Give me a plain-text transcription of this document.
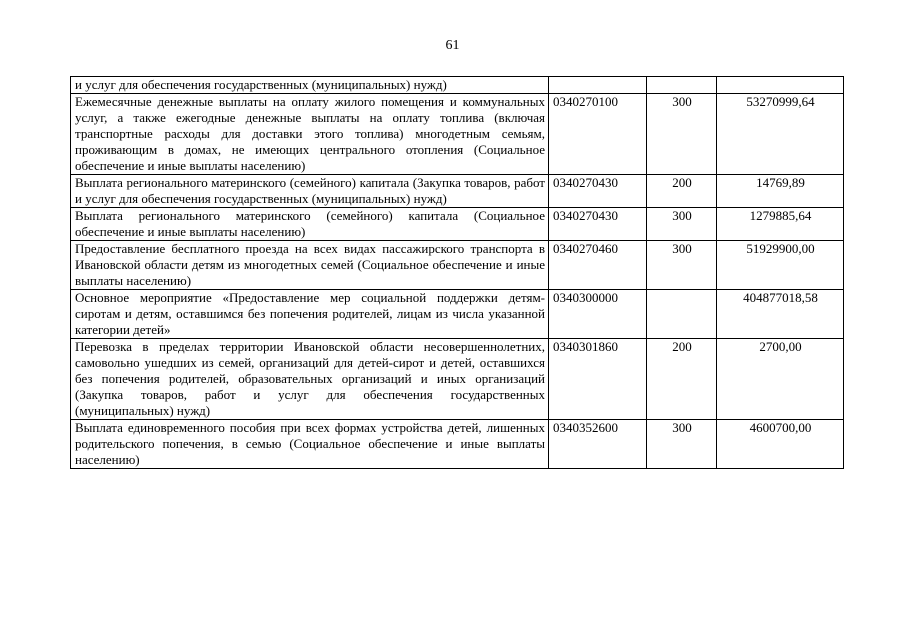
61
и услуг для обеспечения государственных (муниципальных) нужд)			
Ежемесячные денежные выплаты на оплату жилого помещения и коммунальных услуг, а также ежегодные денежные выплаты на оплату топлива (включая транспортные расходы для доставки этого топлива) многодетным семьям, проживающим в домах, не имеющих центрального отопления (Социальное обеспечение и иные выплаты населению)	0340270100	300	53270999,64
Выплата регионального материнского (семейного) капитала (Закупка товаров, работ и услуг для обеспечения государственных (муниципальных) нужд)	0340270430	200	14769,89
Выплата регионального материнского (семейного) капитала (Социальное обеспечение и иные выплаты населению)	0340270430	300	1279885,64
Предоставление бесплатного проезда на всех видах пассажирского транспорта в Ивановской области детям из многодетных семей (Социальное обеспечение и иные выплаты населению)	0340270460	300	51929900,00
Основное мероприятие «Предоставление мер социальной поддержки детям-сиротам и детям, оставшимся без попечения родителей, лицам из числа указанной категории детей»	0340300000		404877018,58
Перевозка в пределах территории Ивановской области несовершеннолетних, самовольно ушедших из семей, организаций для детей-сирот и детей, оставшихся без попечения родителей, образовательных организаций и иных организаций (Закупка товаров, работ и услуг для обеспечения государственных (муниципальных) нужд)	0340301860	200	2700,00
Выплата единовременного пособия при всех формах устройства детей, лишенных родительского попечения, в семью (Социальное обеспечение и иные выплаты населению)	0340352600	300	4600700,00
